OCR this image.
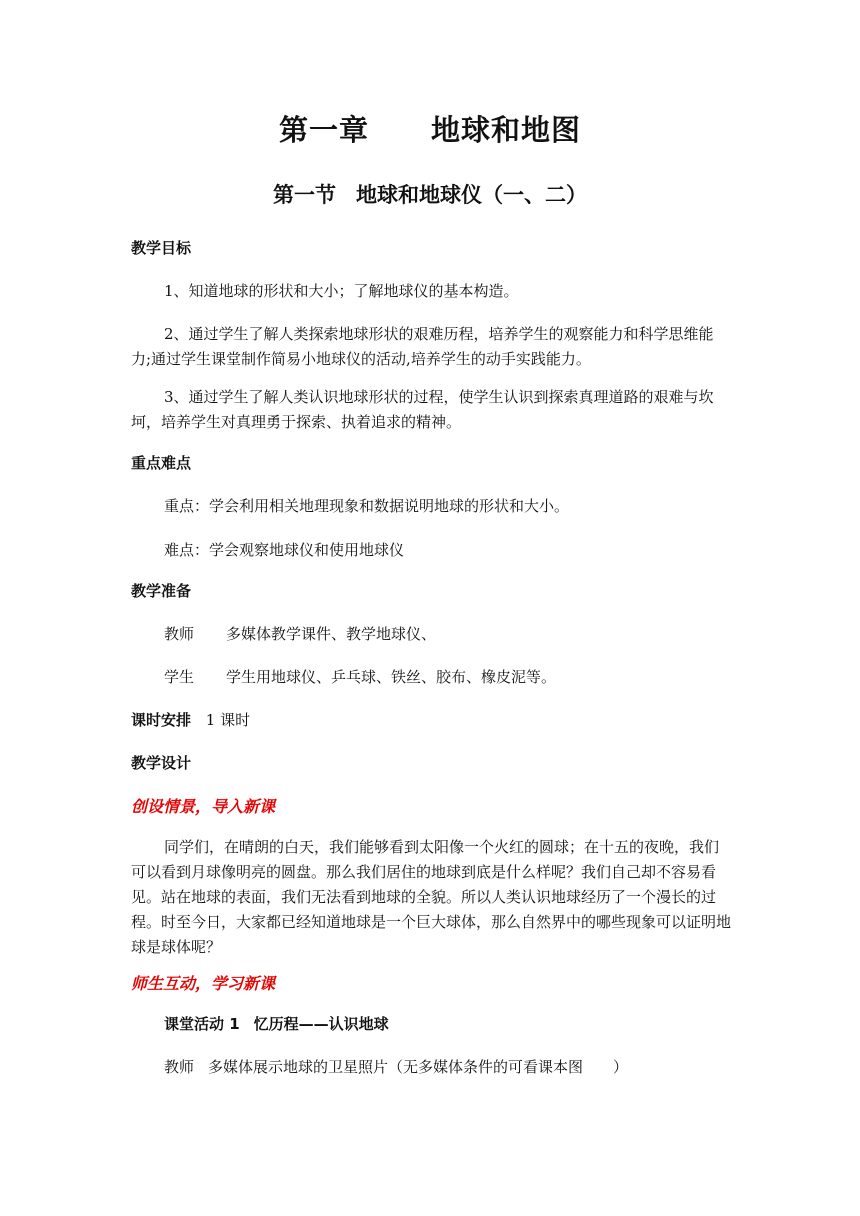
第一章 地球和地图
第一节 地球和地球仪（一、二）
教学目标
1、知道地球的形状和大小；了解地球仪的基本构造。
2、通过学生了解人类探索地球形状的艰难历程，培养学生的观察能力和科学思维能力;通过学生课堂制作简易小地球仪的活动,培养学生的动手实践能力。
3、通过学生了解人类认识地球形状的过程，使学生认识到探索真理道路的艰难与坎坷，培养学生对真理勇于探索、执着追求的精神。
重点难点
重点：学会利用相关地理现象和数据说明地球的形状和大小。
难点：学会观察地球仪和使用地球仪
教学准备
教师 多媒体教学课件、教学地球仪、
学生 学生用地球仪、乒乓球、铁丝、胶布、橡皮泥等。
课时安排 1 课时
教学设计
创设情景，导入新课
同学们，在晴朗的白天，我们能够看到太阳像一个火红的圆球；在十五的夜晚，我们可以看到月球像明亮的圆盘。那么我们居住的地球到底是什么样呢？我们自己却不容易看见。站在地球的表面，我们无法看到地球的全貌。所以人类认识地球经历了一个漫长的过程。时至今日，大家都已经知道地球是一个巨大球体，那么自然界中的哪些现象可以证明地球是球体呢？
师生互动，学习新课
课堂活动 1 忆历程——认识地球
教师 多媒体展示地球的卫星照片（无多媒体条件的可看课本图　　）
